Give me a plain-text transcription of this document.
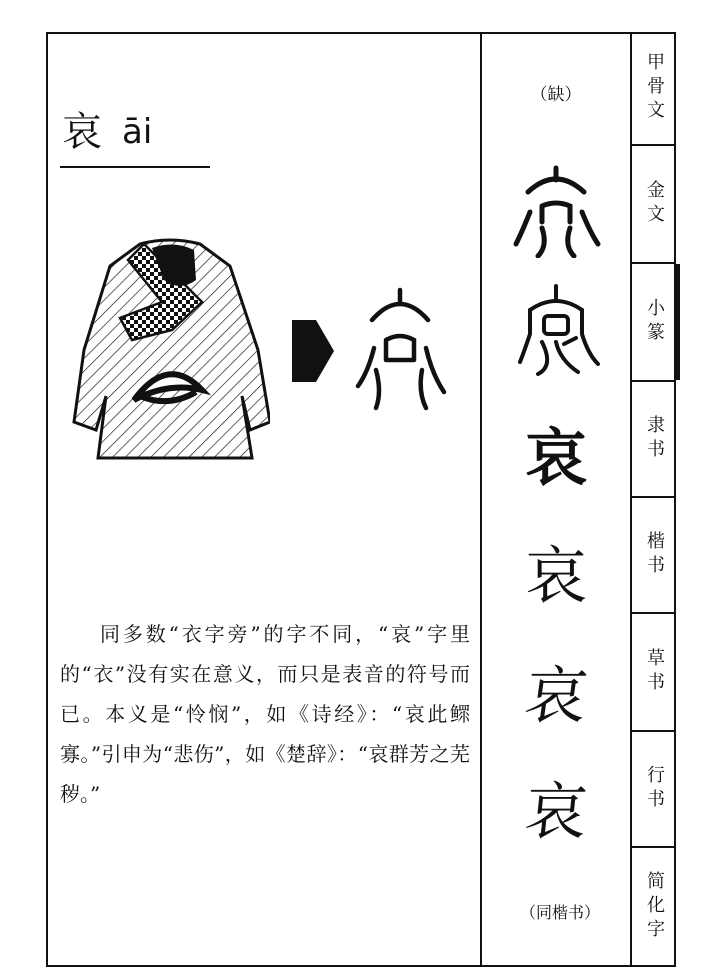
哀 āi

同多数“衣字旁”的字不同，“哀”字里的“衣”没有实在意义，而只是表音的符号而已。本义是“怜悯”，如《诗经》：“哀此鳏寡。”引申为“悲伤”，如《楚辞》：“哀群芳之芜秽。”

（缺）
哀
哀
哀
哀
（同楷书）
甲骨文
金文
小篆
隶书
楷书
草书
行书
简化字
